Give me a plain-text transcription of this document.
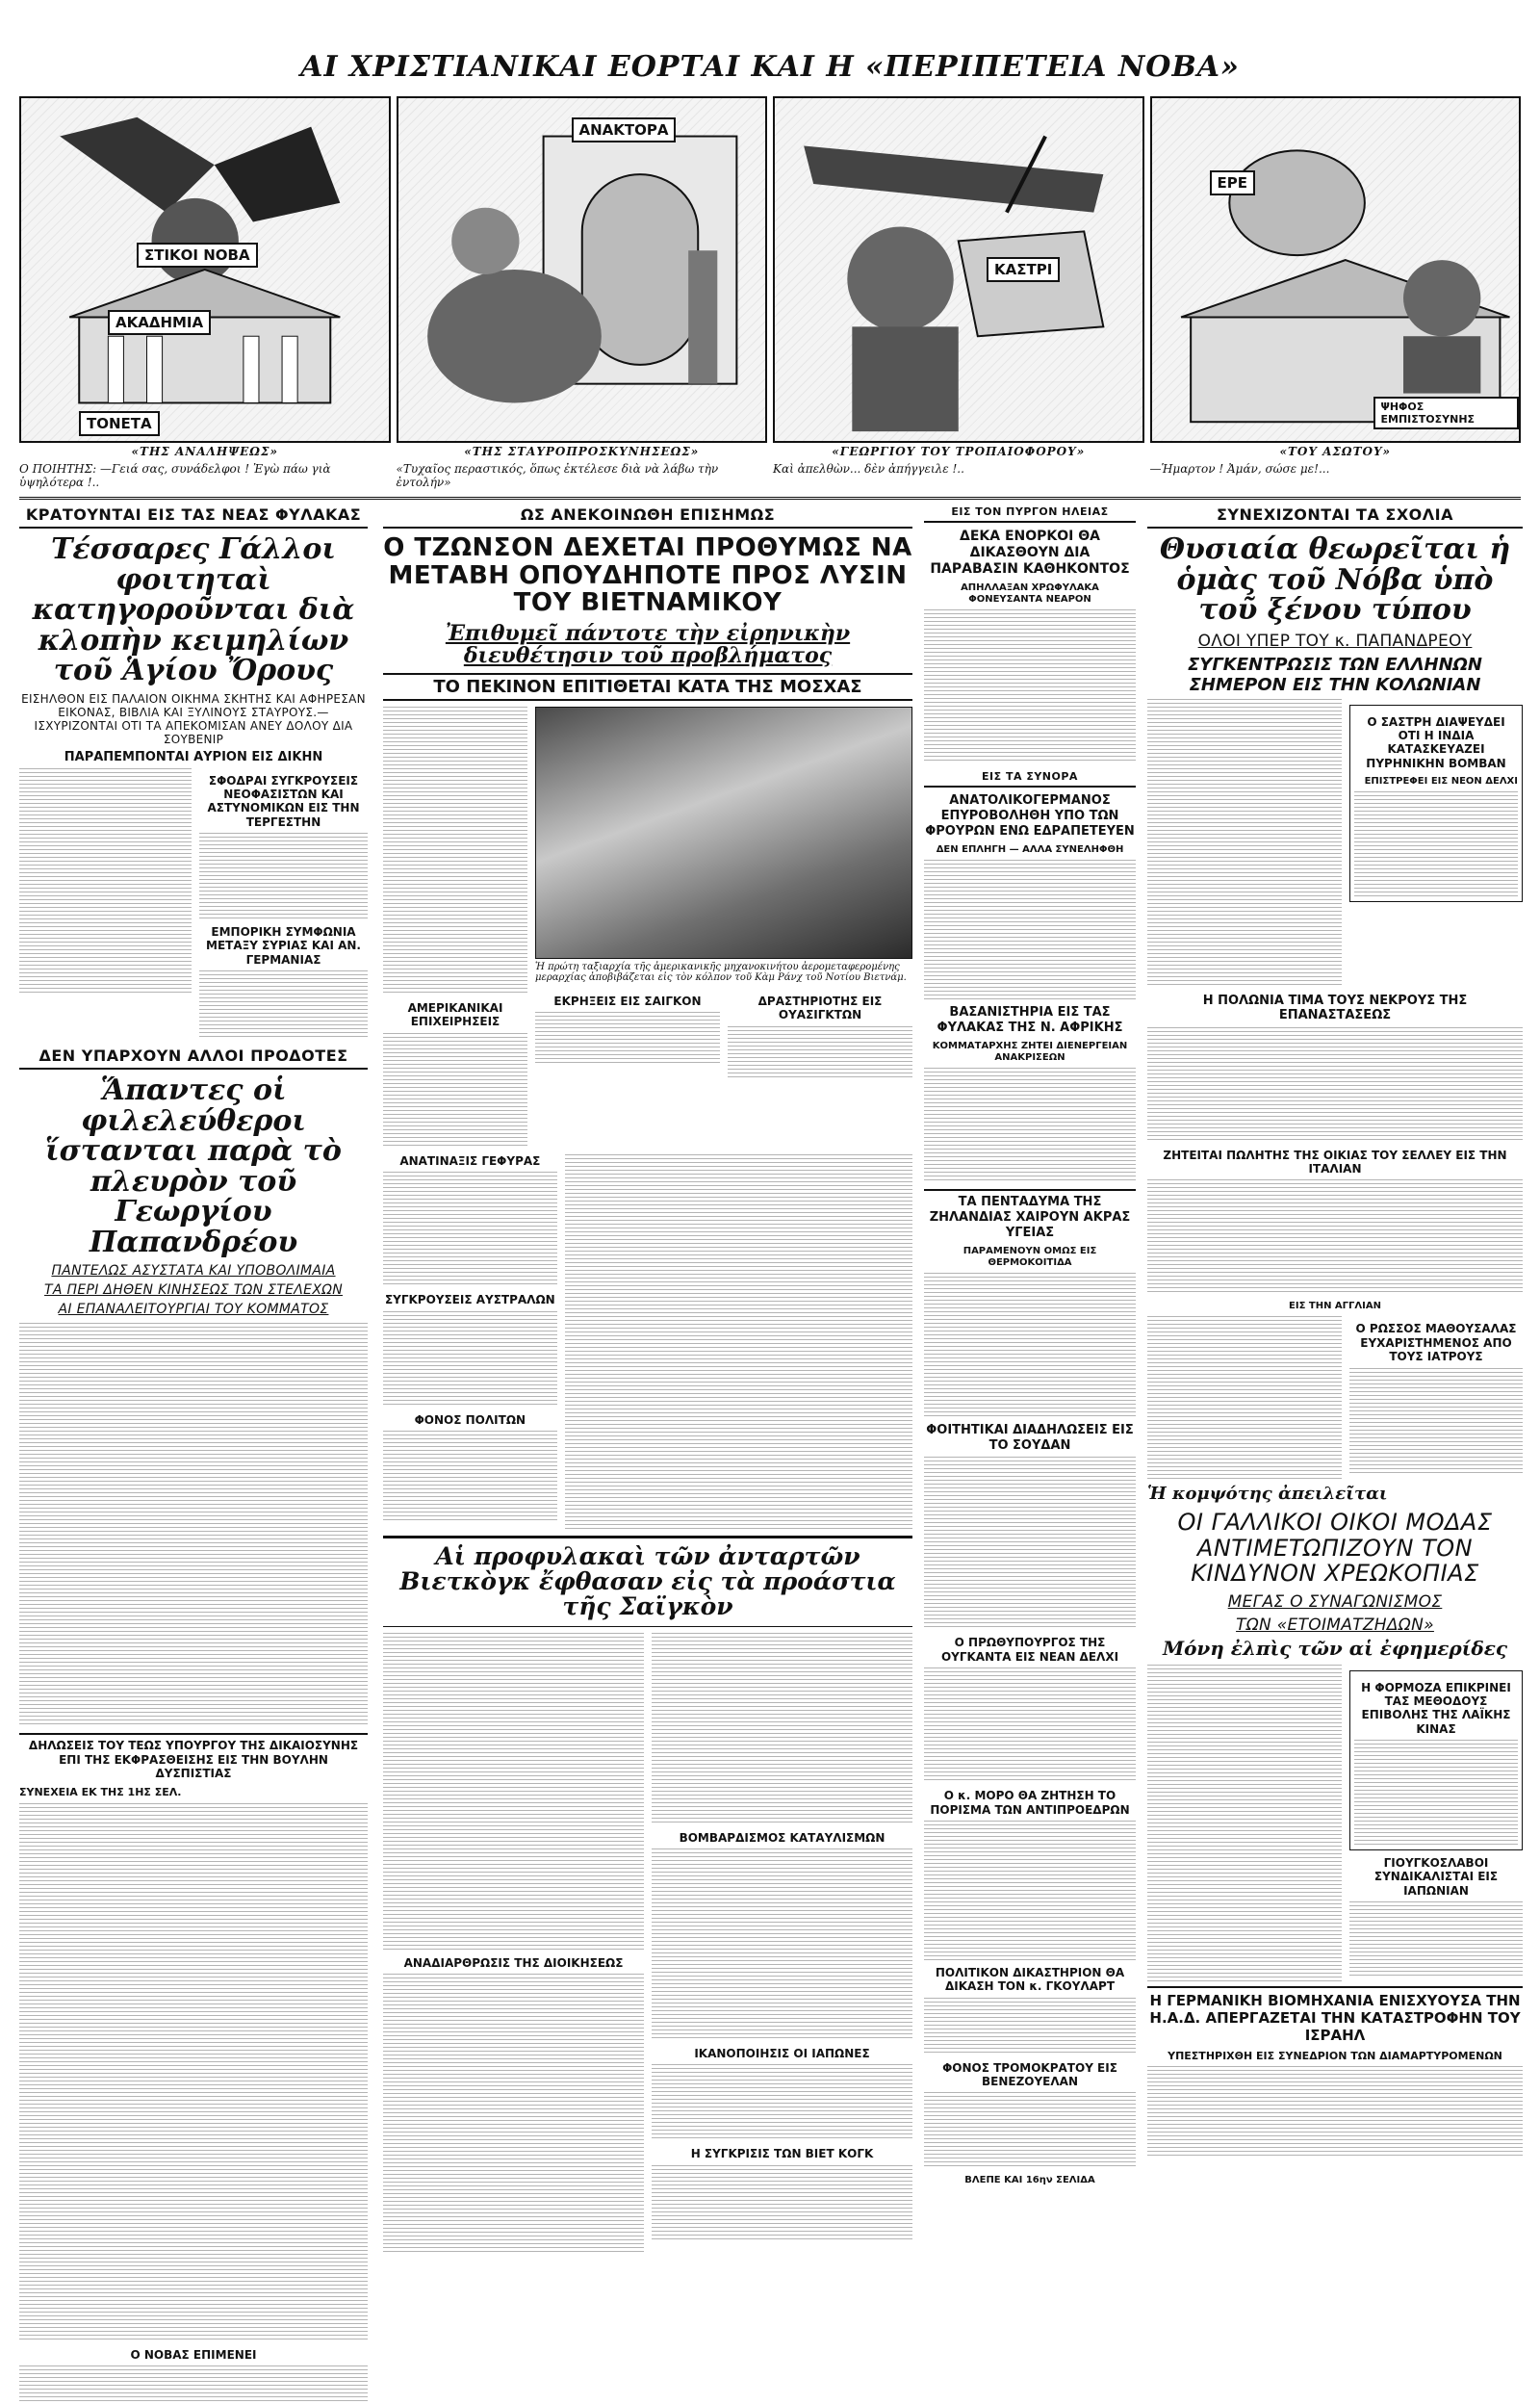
ΑΙ ΧΡΙΣΤΙΑΝΙΚΑΙ ΕΟΡΤΑΙ ΚΑΙ Η «ΠΕΡΙΠΕΤΕΙΑ ΝΟΒΑ»
ΣΤΙΚΟΙ ΝΟΒΑ
ΑΚΑΔΗΜΙΑ
ΤΟΝΕΤΑ
ΑΝΑΚΤΟΡΑ
ΚΑΣΤΡΙ
ΕΡΕ
ΨΗΦΟΣ ΕΜΠΙΣΤΟΣΥΝΗΣ
«ΤΗΣ ΑΝΑΛΗΨΕΩΣ»
Ο ΠΟΙΗΤΗΣ: —Γειά σας, συνάδελφοι ! Ἐγὼ πάω γιὰ ὑψηλότερα !..
«ΤΗΣ ΣΤΑΥΡΟΠΡΟΣΚΥΝΗΣΕΩΣ»
«Τυχαῖος περαστικός, ὅπως ἐκτέλεσε διὰ νὰ λάβω τὴν ἐντολήν»
«ΓΕΩΡΓΙΟΥ ΤΟΥ ΤΡΟΠΑΙΟΦΟΡΟΥ»
Καὶ ἀπελθὼν... δὲν ἀπήγγειλε !..
«ΤΟΥ ΑΣΩΤΟΥ»
—Ἡμαρτον ! Ἀμάν, σώσε με!...
ΚΡΑΤΟΥΝΤΑΙ ΕΙΣ ΤΑΣ ΝΕΑΣ ΦΥΛΑΚΑΣ
Τέσσαρες Γάλλοι φοιτηταὶ κατηγοροῦνται διὰ κλοπὴν κειμηλίων τοῦ Ἁγίου Ὄρους
ΕΙΣΗΛΘΟΝ ΕΙΣ ΠΑΛΑΙΟΝ ΟΙΚΗΜΑ ΣΚΗΤΗΣ ΚΑΙ ΑΦΗΡΕΣΑΝ ΕΙΚΟΝΑΣ, ΒΙΒΛΙΑ ΚΑΙ ΞΥΛΙΝΟΥΣ ΣΤΑΥΡΟΥΣ.— ΙΣΧΥΡΙΖΟΝΤΑΙ ΟΤΙ ΤΑ ΑΠΕΚΟΜΙΣΑΝ ΑΝΕΥ ΔΟΛΟΥ ΔΙΑ ΣΟΥΒΕΝΙΡ
ΠΑΡΑΠΕΜΠΟΝΤΑΙ ΑΥΡΙΟΝ ΕΙΣ ΔΙΚΗΝ
ΣΦΟΔΡΑΙ ΣΥΓΚΡΟΥΣΕΙΣ ΝΕΟΦΑΣΙΣΤΩΝ ΚΑΙ ΑΣΤΥΝΟΜΙΚΩΝ ΕΙΣ ΤΗΝ ΤΕΡΓΕΣΤΗΝ
ΕΜΠΟΡΙΚΗ ΣΥΜΦΩΝΙΑ ΜΕΤΑΞΥ ΣΥΡΙΑΣ ΚΑΙ ΑΝ. ΓΕΡΜΑΝΙΑΣ
ΔΕΝ ΥΠΑΡΧΟΥΝ ΑΛΛΟΙ ΠΡΟΔΟΤΕΣ
Ἅπαντες οἱ φιλελεύθεροι ἵστανται παρὰ τὸ πλευρὸν τοῦ Γεωργίου Παπανδρέου
ΠΑΝΤΕΛΩΣ ΑΣΥΣΤΑΤΑ ΚΑΙ ΥΠΟΒΟΛΙΜΑΙΑ
ΤΑ ΠΕΡΙ ΔΗΘΕΝ ΚΙΝΗΣΕΩΣ ΤΩΝ ΣΤΕΛΕΧΩΝ
ΑΙ ΕΠΑΝΑΛΕΙΤΟΥΡΓΙΑΙ ΤΟΥ ΚΟΜΜΑΤΟΣ
ΔΗΛΩΣΕΙΣ ΤΟΥ ΤΕΩΣ ΥΠΟΥΡΓΟΥ ΤΗΣ ΔΙΚΑΙΟΣΥΝΗΣ ΕΠΙ ΤΗΣ ΕΚΦΡΑΣΘΕΙΣΗΣ ΕΙΣ ΤΗΝ ΒΟΥΛΗΝ ΔΥΣΠΙΣΤΙΑΣ
ΣΥΝΕΧΕΙΑ ΕΚ ΤΗΣ 1ΗΣ ΣΕΛ.
Ο ΝΟΒΑΣ ΕΠΙΜΕΝΕΙ
ΩΣ ΑΝΕΚΟΙΝΩΘΗ ΕΠΙΣΗΜΩΣ
Ο ΤΖΩΝΣΟΝ ΔΕΧΕΤΑΙ ΠΡΟΘΥΜΩΣ ΝΑ ΜΕΤΑΒΗ ΟΠΟΥΔΗΠΟΤΕ ΠΡΟΣ ΛΥΣΙΝ ΤΟΥ ΒΙΕΤΝΑΜΙΚΟΥ
Ἐπιθυμεῖ πάντοτε τὴν εἰρηνικὴν διευθέτησιν τοῦ προβλήματος
ΤΟ ΠΕΚΙΝΟΝ ΕΠΙΤΙΘΕΤΑΙ ΚΑΤΑ ΤΗΣ ΜΟΣΧΑΣ
ΑΜΕΡΙΚΑΝΙΚΑΙ ΕΠΙΧΕΙΡΗΣΕΙΣ
Ἡ πρώτη ταξιαρχία τῆς ἀμερικανικῆς μηχανοκινήτου ἀερομεταφερομένης μεραρχίας ἀποβιβάζεται εἰς τὸν κόλπον τοῦ Κὰμ Ράνχ τοῦ Νοτίου Βιετνάμ.
ΕΚΡΗΞΕΙΣ ΕΙΣ ΣΑΙΓΚΟΝ	ΔΡΑΣΤΗΡΙΟΤΗΣ ΕΙΣ ΟΥΑΣΙΓΚΤΩΝ
ΑΝΑΤΙΝΑΞΙΣ ΓΕΦΥΡΑΣ
ΣΥΓΚΡΟΥΣΕΙΣ ΑΥΣΤΡΑΛΩΝ
ΦΟΝΟΣ ΠΟΛΙΤΩΝ
Αἱ προφυλακαὶ τῶν ἀνταρτῶν Βιετκὸγκ ἔφθασαν εἰς τὰ προάστια τῆς Σαϊγκὸν
ΑΝΑΔΙΑΡΘΡΩΣΙΣ ΤΗΣ ΔΙΟΙΚΗΣΕΩΣ
ΒΟΜΒΑΡΔΙΣΜΟΣ ΚΑΤΑΥΛΙΣΜΩΝ
ΙΚΑΝΟΠΟΙΗΣΙΣ ΟΙ ΙΑΠΩΝΕΣ
Η ΣΥΓΚΡΙΣΙΣ ΤΩΝ ΒΙΕΤ ΚΟΓΚ
ΕΙΣ ΤΟΝ ΠΥΡΓΟΝ ΗΛΕΙΑΣ
ΔΕΚΑ ΕΝΟΡΚΟΙ ΘΑ ΔΙΚΑΣΘΟΥΝ ΔΙΑ ΠΑΡΑΒΑΣΙΝ ΚΑΘΗΚΟΝΤΟΣ
ΑΠΗΛΛΑΞΑΝ ΧΡΩΦΥΛΑΚΑ ΦΟΝΕΥΣΑΝΤΑ ΝΕΑΡΟΝ
ΕΙΣ ΤΑ ΣΥΝΟΡΑ
ΑΝΑΤΟΛΙΚΟΓΕΡΜΑΝΟΣ ΕΠΥΡΟΒΟΛΗΘΗ ΥΠΟ ΤΩΝ ΦΡΟΥΡΩΝ ΕΝΩ ΕΔΡΑΠΕΤΕΥΕΝ
ΔΕΝ ΕΠΛΗΓΗ — ΑΛΛΑ ΣΥΝΕΛΗΦΘΗ
ΒΑΣΑΝΙΣΤΗΡΙΑ ΕΙΣ ΤΑΣ ΦΥΛΑΚΑΣ ΤΗΣ Ν. ΑΦΡΙΚΗΣ
ΚΟΜΜΑΤΑΡΧΗΣ ΖΗΤΕΙ ΔΙΕΝΕΡΓΕΙΑΝ ΑΝΑΚΡΙΣΕΩΝ
ΤΑ ΠΕΝΤΑΔΥΜΑ ΤΗΣ ΖΗΛΑΝΔΙΑΣ ΧΑΙΡΟΥΝ ΑΚΡΑΣ ΥΓΕΙΑΣ
ΠΑΡΑΜΕΝΟΥΝ ΟΜΩΣ ΕΙΣ ΘΕΡΜΟΚΟΙΤΙΔΑ
ΦΟΙΤΗΤΙΚΑΙ ΔΙΑΔΗΛΩΣΕΙΣ ΕΙΣ ΤΟ ΣΟΥΔΑΝ
Ο ΠΡΩΘΥΠΟΥΡΓΟΣ ΤΗΣ ΟΥΓΚΑΝΤΑ ΕΙΣ ΝΕΑΝ ΔΕΛΧΙ
Ο κ. ΜΟΡΟ ΘΑ ΖΗΤΗΣΗ ΤΟ ΠΟΡΙΣΜΑ ΤΩΝ ΑΝΤΙΠΡΟΕΔΡΩΝ
ΠΟΛΙΤΙΚΟΝ ΔΙΚΑΣΤΗΡΙΟΝ ΘΑ ΔΙΚΑΣΗ ΤΟΝ κ. ΓΚΟΥΛΑΡΤ
ΦΟΝΟΣ ΤΡΟΜΟΚΡΑΤΟΥ ΕΙΣ ΒΕΝΕΖΟΥΕΛΑΝ
ΒΛΕΠΕ ΚΑΙ 16ην ΣΕΛΙΔΑ
ΣΥΝΕΧΙΖΟΝΤΑΙ ΤΑ ΣΧΟΛΙΑ
Θυσιαία θεωρεῖται ἡ ὁμὰς τοῦ Νόβα ὑπὸ τοῦ ξένου τύπου
ΟΛΟΙ ΥΠΕΡ ΤΟΥ κ. ΠΑΠΑΝΔΡΕΟΥ
ΣΥΓΚΕΝΤΡΩΣΙΣ ΤΩΝ ΕΛΛΗΝΩΝ ΣΗΜΕΡΟΝ ΕΙΣ ΤΗΝ ΚΟΛΩΝΙΑΝ
Ο ΣΑΣΤΡΗ ΔΙΑΨΕΥΔΕΙ ΟΤΙ Η ΙΝΔΙΑ ΚΑΤΑΣΚΕΥΑΖΕΙ ΠΥΡΗΝΙΚΗΝ ΒΟΜΒΑΝ
ΕΠΙΣΤΡΕΦΕΙ ΕΙΣ ΝΕΟΝ ΔΕΛΧΙ
Η ΠΟΛΩΝΙΑ ΤΙΜΑ ΤΟΥΣ ΝΕΚΡΟΥΣ ΤΗΣ ΕΠΑΝΑΣΤΑΣΕΩΣ
ΖΗΤΕΙΤΑΙ ΠΩΛΗΤΗΣ ΤΗΣ ΟΙΚΙΑΣ ΤΟΥ ΣΕΛΛΕΥ ΕΙΣ ΤΗΝ ΙΤΑΛΙΑΝ
ΕΙΣ ΤΗΝ ΑΓΓΛΙΑΝ
Ο ΡΩΣΣΟΣ ΜΑΘΟΥΣΑΛΑΣ ΕΥΧΑΡΙΣΤΗΜΕΝΟΣ ΑΠΟ ΤΟΥΣ ΙΑΤΡΟΥΣ
Ἡ κομψότης ἀπειλεῖται
ΟΙ ΓΑΛΛΙΚΟΙ ΟΙΚΟΙ ΜΟΔΑΣ ΑΝΤΙΜΕΤΩΠΙΖΟΥΝ ΤΟΝ ΚΙΝΔΥΝΟΝ ΧΡΕΩΚΟΠΙΑΣ
ΜΕΓΑΣ Ο ΣΥΝΑΓΩΝΙΣΜΟΣ
ΤΩΝ «ΕΤΟΙΜΑΤΖΗΔΩΝ»
Μόνη ἐλπὶς τῶν αἱ ἐφημερίδες
Η ΦΟΡΜΟΖΑ ΕΠΙΚΡΙΝΕΙ ΤΑΣ ΜΕΘΟΔΟΥΣ ΕΠΙΒΟΛΗΣ ΤΗΣ ΛΑΪΚΗΣ ΚΙΝΑΣ
ΓΙΟΥΓΚΟΣΛΑΒΟΙ ΣΥΝΔΙΚΑΛΙΣΤΑΙ ΕΙΣ ΙΑΠΩΝΙΑΝ
Η ΓΕΡΜΑΝΙΚΗ ΒΙΟΜΗΧΑΝΙΑ ΕΝΙΣΧΥΟΥΣΑ ΤΗΝ Η.Α.Δ. ΑΠΕΡΓΑΖΕΤΑΙ ΤΗΝ ΚΑΤΑΣΤΡΟΦΗΝ ΤΟΥ ΙΣΡΑΗΛ
ΥΠΕΣΤΗΡΙΧΘΗ ΕΙΣ ΣΥΝΕΔΡΙΟΝ ΤΩΝ ΔΙΑΜΑΡΤΥΡΟΜΕΝΩΝ
